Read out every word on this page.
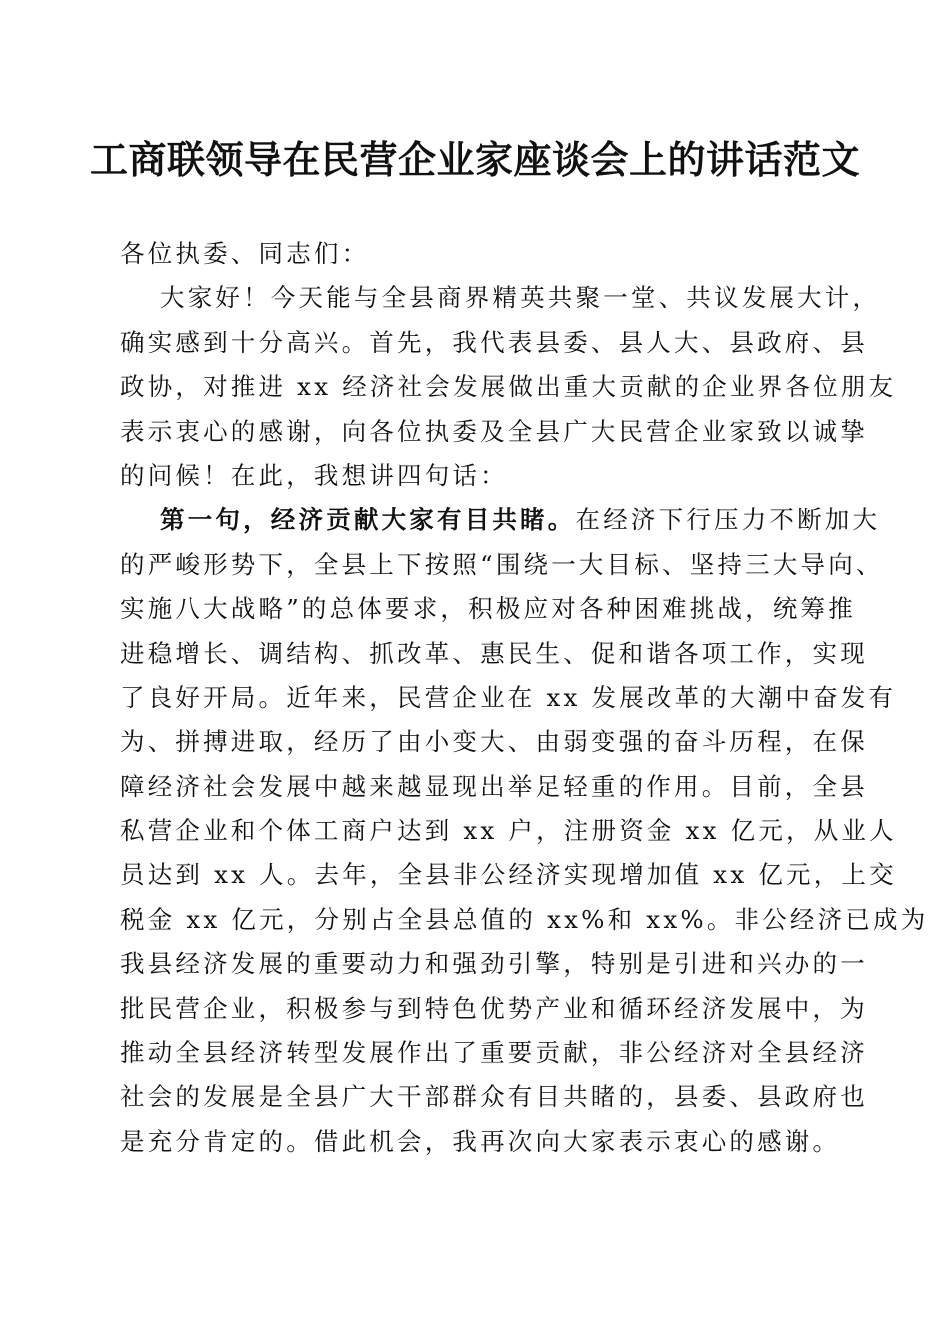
工商联领导在民营企业家座谈会上的讲话范文
各位执委、同志们：
大家好！今天能与全县商界精英共聚一堂、共议发展大计，
确实感到十分高兴。首先，我代表县委、县人大、县政府、县
政协，对推进 xx 经济社会发展做出重大贡献的企业界各位朋友
表示衷心的感谢，向各位执委及全县广大民营企业家致以诚挚
的问候！在此，我想讲四句话：
第一句，经济贡献大家有目共睹。在经济下行压力不断加大
的严峻形势下，全县上下按照“围绕一大目标、坚持三大导向、
实施八大战略”的总体要求，积极应对各种困难挑战，统筹推
进稳增长、调结构、抓改革、惠民生、促和谐各项工作，实现
了良好开局。近年来，民营企业在 xx 发展改革的大潮中奋发有
为、拼搏进取，经历了由小变大、由弱变强的奋斗历程，在保
障经济社会发展中越来越显现出举足轻重的作用。目前，全县
私营企业和个体工商户达到 xx 户，注册资金 xx 亿元，从业人
员达到 xx 人。去年，全县非公经济实现增加值 xx 亿元，上交
税金 xx 亿元，分别占全县总值的 xx%和 xx%。非公经济已成为
我县经济发展的重要动力和强劲引擎，特别是引进和兴办的一
批民营企业，积极参与到特色优势产业和循环经济发展中，为
推动全县经济转型发展作出了重要贡献，非公经济对全县经济
社会的发展是全县广大干部群众有目共睹的，县委、县政府也
是充分肯定的。借此机会，我再次向大家表示衷心的感谢。
